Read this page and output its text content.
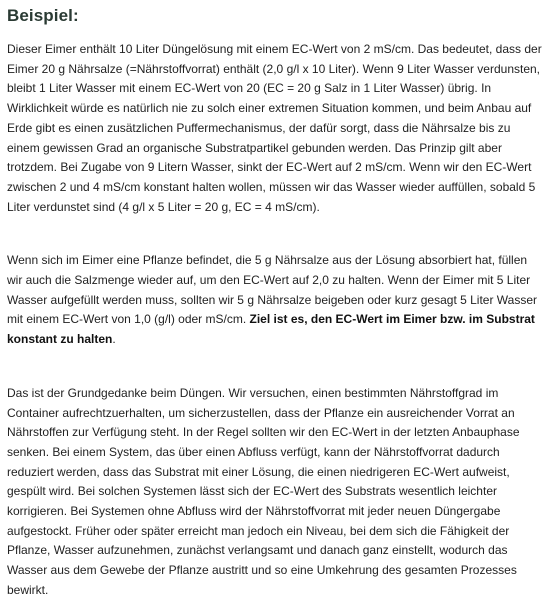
Beispiel:

Dieser Eimer enthält 10 Liter Düngelösung mit einem EC-Wert von 2 mS/cm. Das bedeutet, dass der Eimer 20 g Nährsalze (=Nährstoffvorrat) enthält (2,0 g/l x 10 Liter). Wenn 9 Liter Wasser verdunsten, bleibt 1 Liter Wasser mit einem EC-Wert von 20 (EC = 20 g Salz in 1 Liter Wasser) übrig. In Wirklichkeit würde es natürlich nie zu solch einer extremen Situation kommen, und beim Anbau auf Erde gibt es einen zusätzlichen Puffermechanismus, der dafür sorgt, dass die Nährsalze bis zu einem gewissen Grad an organische Substratpartikel gebunden werden. Das Prinzip gilt aber trotzdem. Bei Zugabe von 9 Litern Wasser, sinkt der EC-Wert auf 2 mS/cm. Wenn wir den EC-Wert zwischen 2 und 4 mS/cm konstant halten wollen, müssen wir das Wasser wieder auffüllen, sobald 5 Liter verdunstet sind (4 g/l x 5 Liter = 20 g, EC = 4 mS/cm).

Wenn sich im Eimer eine Pflanze befindet, die 5 g Nährsalze aus der Lösung absorbiert hat, füllen wir auch die Salzmenge wieder auf, um den EC-Wert auf 2,0 zu halten. Wenn der Eimer mit 5 Liter Wasser aufgefüllt werden muss, sollten wir 5 g Nährsalze beigeben oder kurz gesagt 5 Liter Wasser mit einem EC-Wert von 1,0 (g/l) oder mS/cm. Ziel ist es, den EC-Wert im Eimer bzw. im Substrat konstant zu halten.

Das ist der Grundgedanke beim Düngen. Wir versuchen, einen bestimmten Nährstoffgrad im Container aufrechtzuerhalten, um sicherzustellen, dass der Pflanze ein ausreichender Vorrat an Nährstoffen zur Verfügung steht. In der Regel sollten wir den EC-Wert in der letzten Anbauphase senken. Bei einem System, das über einen Abfluss verfügt, kann der Nährstoffvorrat dadurch reduziert werden, dass das Substrat mit einer Lösung, die einen niedrigeren EC-Wert aufweist, gespült wird. Bei solchen Systemen lässt sich der EC-Wert des Substrats wesentlich leichter korrigieren. Bei Systemen ohne Abfluss wird der Nährstoffvorrat mit jeder neuen Düngergabe aufgestockt. Früher oder später erreicht man jedoch ein Niveau, bei dem sich die Fähigkeit der Pflanze, Wasser aufzunehmen, zunächst verlangsamt und danach ganz einstellt, wodurch das Wasser aus dem Gewebe der Pflanze austritt und so eine Umkehrung des gesamten Prozesses bewirkt.
